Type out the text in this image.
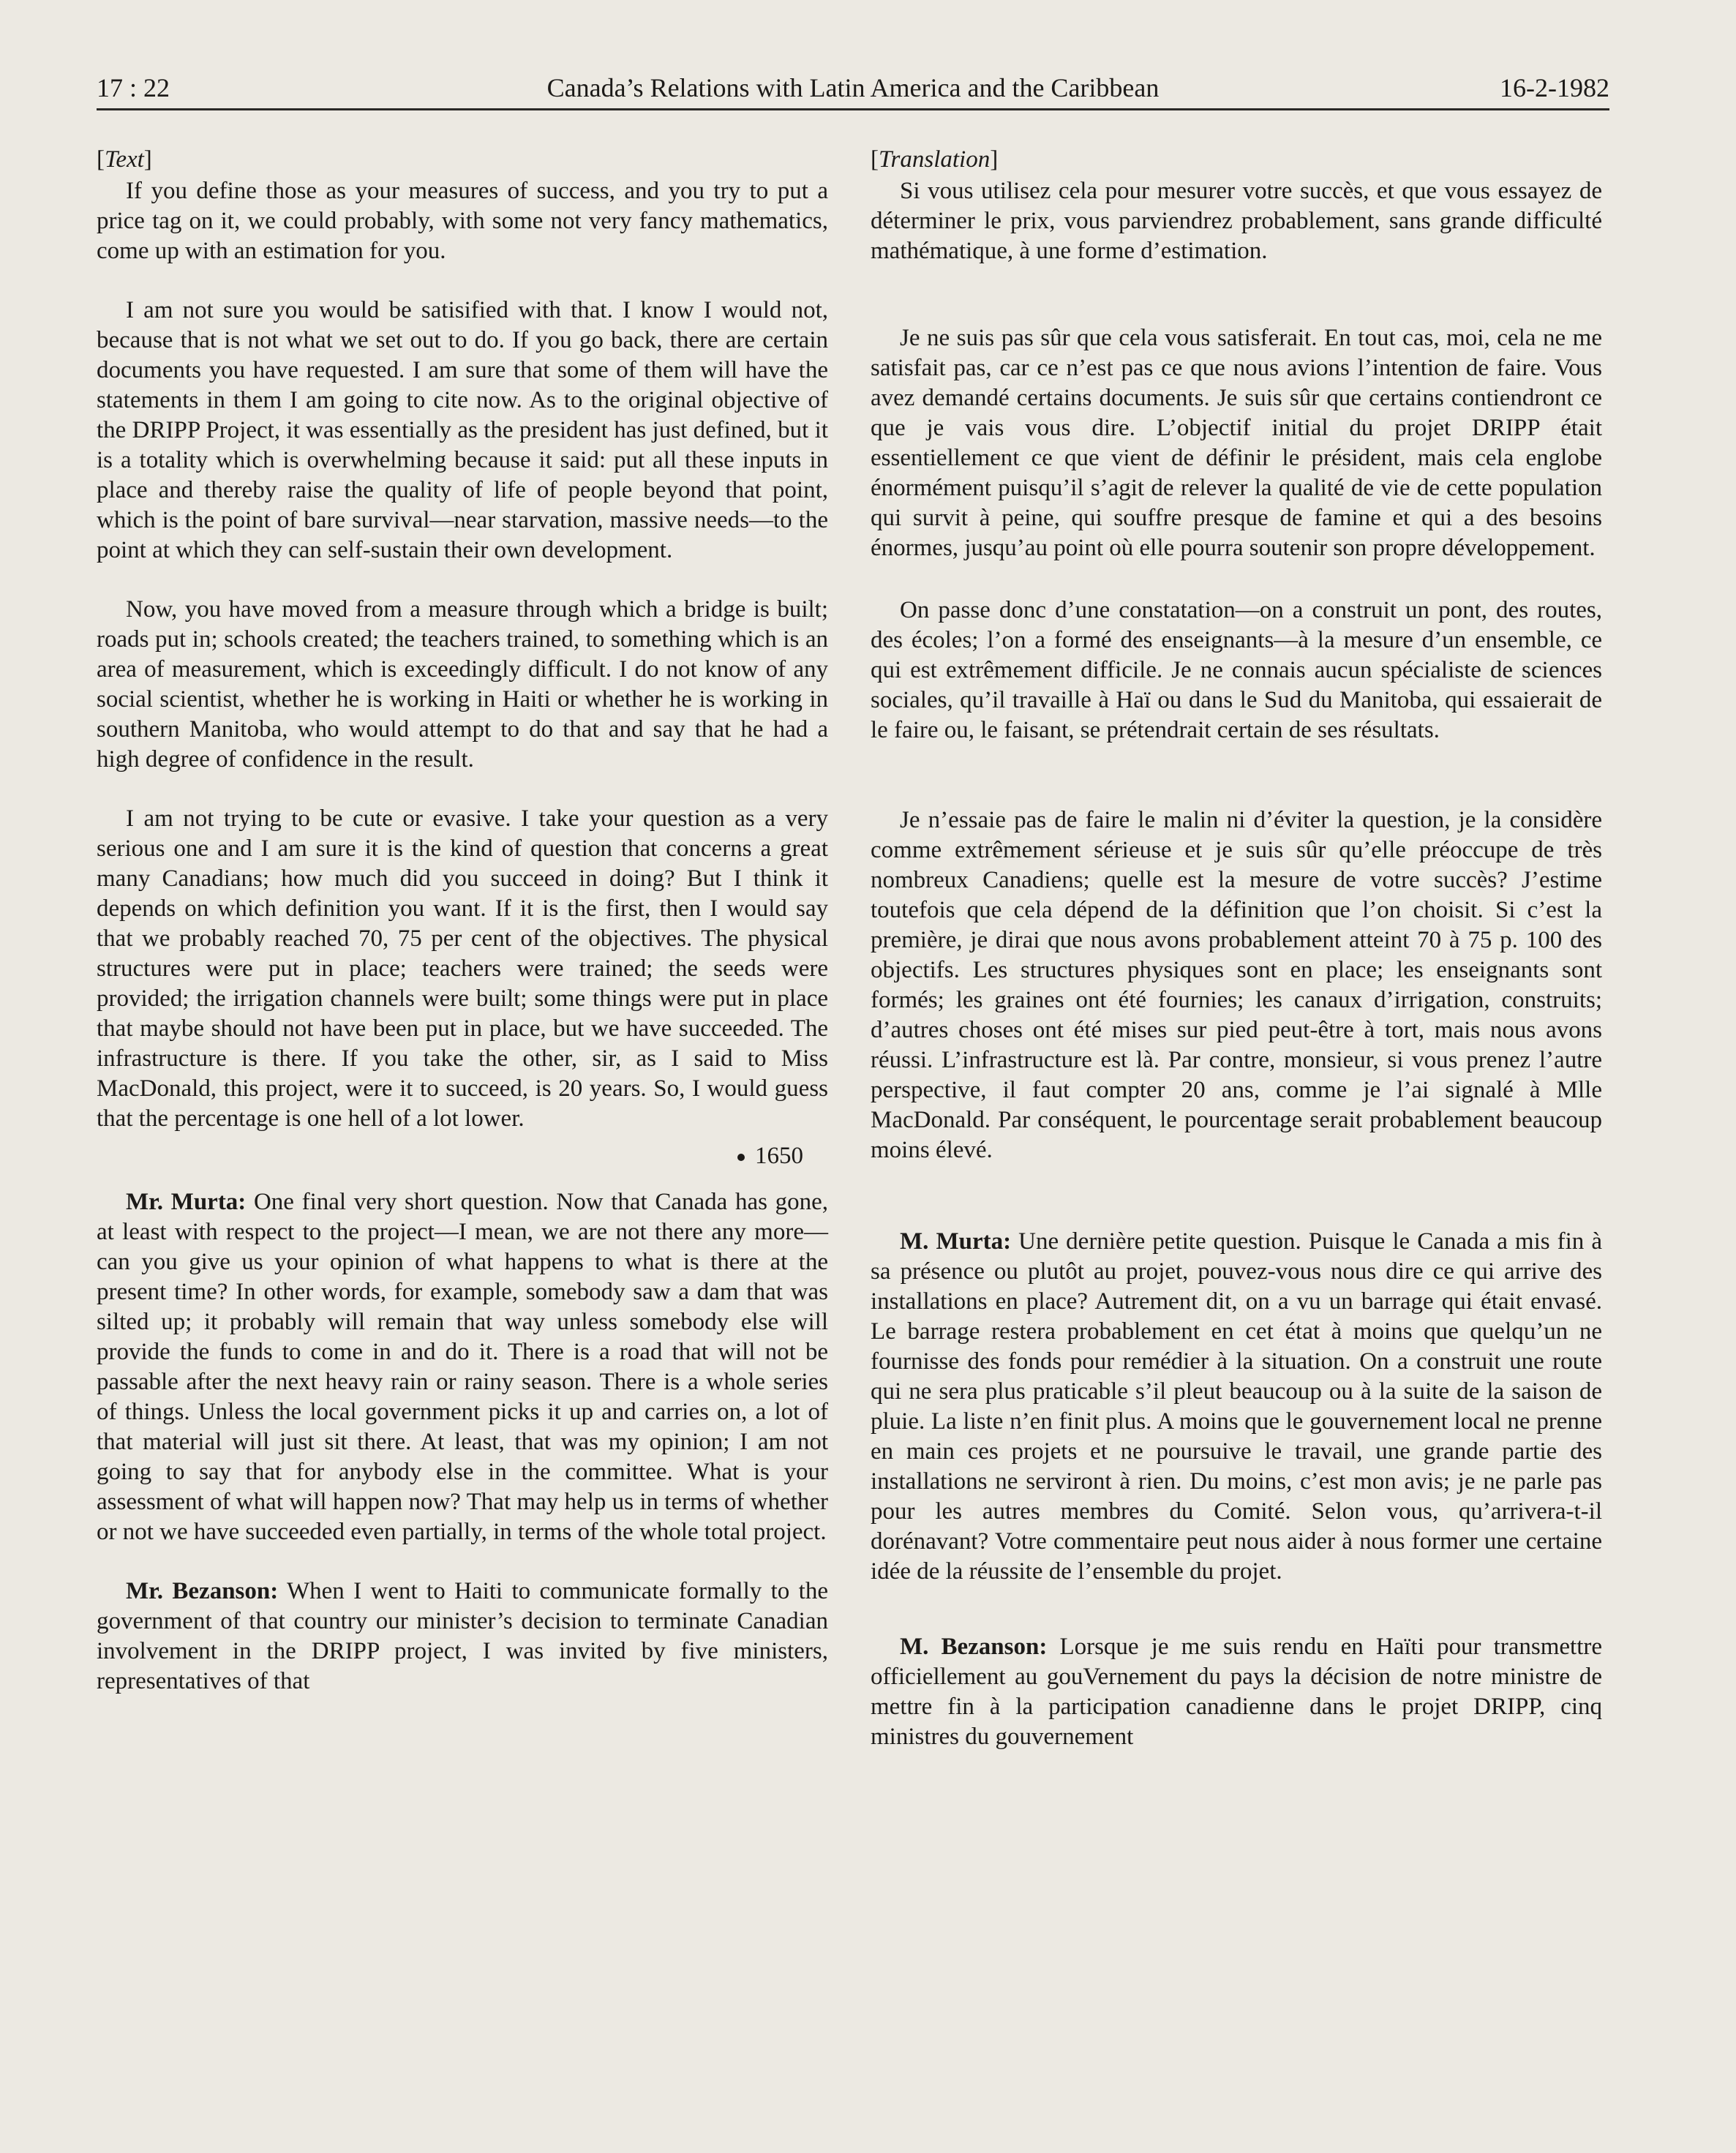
17 : 22	Canada’s Relations with Latin America and the Caribbean	16-2-1982
[Text]

If you define those as your measures of success, and you try to put a price tag on it, we could probably, with some not very fancy mathematics, come up with an estimation for you.

I am not sure you would be satisified with that. I know I would not, because that is not what we set out to do. If you go back, there are certain documents you have requested. I am sure that some of them will have the statements in them I am going to cite now. As to the original objective of the DRIPP Project, it was essentially as the president has just defined, but it is a totality which is overwhelming because it said: put all these inputs in place and thereby raise the quality of life of people beyond that point, which is the point of bare survival—near starvation, massive needs—to the point at which they can self-sustain their own development.

Now, you have moved from a measure through which a bridge is built; roads put in; schools created; the teachers trained, to something which is an area of measurement, which is exceedingly difficult. I do not know of any social scientist, whether he is working in Haiti or whether he is working in southern Manitoba, who would attempt to do that and say that he had a high degree of confidence in the result.

I am not trying to be cute or evasive. I take your question as a very serious one and I am sure it is the kind of question that concerns a great many Canadians; how much did you succeed in doing? But I think it depends on which definition you want. If it is the first, then I would say that we probably reached 70, 75 per cent of the objectives. The physical structures were put in place; teachers were trained; the seeds were provided; the irrigation channels were built; some things were put in place that maybe should not have been put in place, but we have succeeded. The infrastructure is there. If you take the other, sir, as I said to Miss MacDonald, this project, were it to succeed, is 20 years. So, I would guess that the percentage is one hell of a lot lower.

1650

Mr. Murta: One final very short question. Now that Canada has gone, at least with respect to the project—I mean, we are not there any more—can you give us your opinion of what happens to what is there at the present time? In other words, for example, somebody saw a dam that was silted up; it probably will remain that way unless somebody else will provide the funds to come in and do it. There is a road that will not be passable after the next heavy rain or rainy season. There is a whole series of things. Unless the local government picks it up and carries on, a lot of that material will just sit there. At least, that was my opinion; I am not going to say that for anybody else in the committee. What is your assessment of what will happen now? That may help us in terms of whether or not we have succeeded even partially, in terms of the whole total project.

Mr. Bezanson: When I went to Haiti to communicate formally to the government of that country our minister’s decision to terminate Canadian involvement in the DRIPP project, I was invited by five ministers, representatives of that

[Translation]

Si vous utilisez cela pour mesurer votre succès, et que vous essayez de déterminer le prix, vous parviendrez probablement, sans grande difficulté mathématique, à une forme d’estimation.

Je ne suis pas sûr que cela vous satisferait. En tout cas, moi, cela ne me satisfait pas, car ce n’est pas ce que nous avions l’intention de faire. Vous avez demandé certains documents. Je suis sûr que certains contiendront ce que je vais vous dire. L’objectif initial du projet DRIPP était essentiellement ce que vient de définir le président, mais cela englobe énormément puisqu’il s’agit de relever la qualité de vie de cette population qui survit à peine, qui souffre presque de famine et qui a des besoins énormes, jusqu’au point où elle pourra soutenir son propre développement.

On passe donc d’une constatation—on a construit un pont, des routes, des écoles; l’on a formé des enseignants—à la mesure d’un ensemble, ce qui est extrêmement difficile. Je ne connais aucun spécialiste de sciences sociales, qu’il travaille à Haï ou dans le Sud du Manitoba, qui essaierait de le faire ou, le faisant, se prétendrait certain de ses résultats.

Je n’essaie pas de faire le malin ni d’éviter la question, je la considère comme extrêmement sérieuse et je suis sûr qu’elle préoccupe de très nombreux Canadiens; quelle est la mesure de votre succès? J’estime toutefois que cela dépend de la définition que l’on choisit. Si c’est la première, je dirai que nous avons probablement atteint 70 à 75 p. 100 des objectifs. Les structures physiques sont en place; les enseignants sont formés; les graines ont été fournies; les canaux d’irrigation, construits; d’autres choses ont été mises sur pied peut-être à tort, mais nous avons réussi. L’infrastructure est là. Par contre, monsieur, si vous prenez l’autre perspective, il faut compter 20 ans, comme je l’ai signalé à Mlle MacDonald. Par conséquent, le pourcentage serait probablement beaucoup moins élevé.

M. Murta: Une dernière petite question. Puisque le Canada a mis fin à sa présence ou plutôt au projet, pouvez-vous nous dire ce qui arrive des installations en place? Autrement dit, on a vu un barrage qui était envasé. Le barrage restera probablement en cet état à moins que quelqu’un ne fournisse des fonds pour remédier à la situation. On a construit une route qui ne sera plus praticable s’il pleut beaucoup ou à la suite de la saison de pluie. La liste n’en finit plus. A moins que le gouvernement local ne prenne en main ces projets et ne poursuive le travail, une grande partie des installations ne serviront à rien. Du moins, c’est mon avis; je ne parle pas pour les autres membres du Comité. Selon vous, qu’arrivera-t-il dorénavant? Votre commentaire peut nous aider à nous former une certaine idée de la réussite de l’ensemble du projet.

M. Bezanson: Lorsque je me suis rendu en Haïti pour transmettre officiellement au gouVernement du pays la décision de notre ministre de mettre fin à la participation canadienne dans le projet DRIPP, cinq ministres du gouvernement
